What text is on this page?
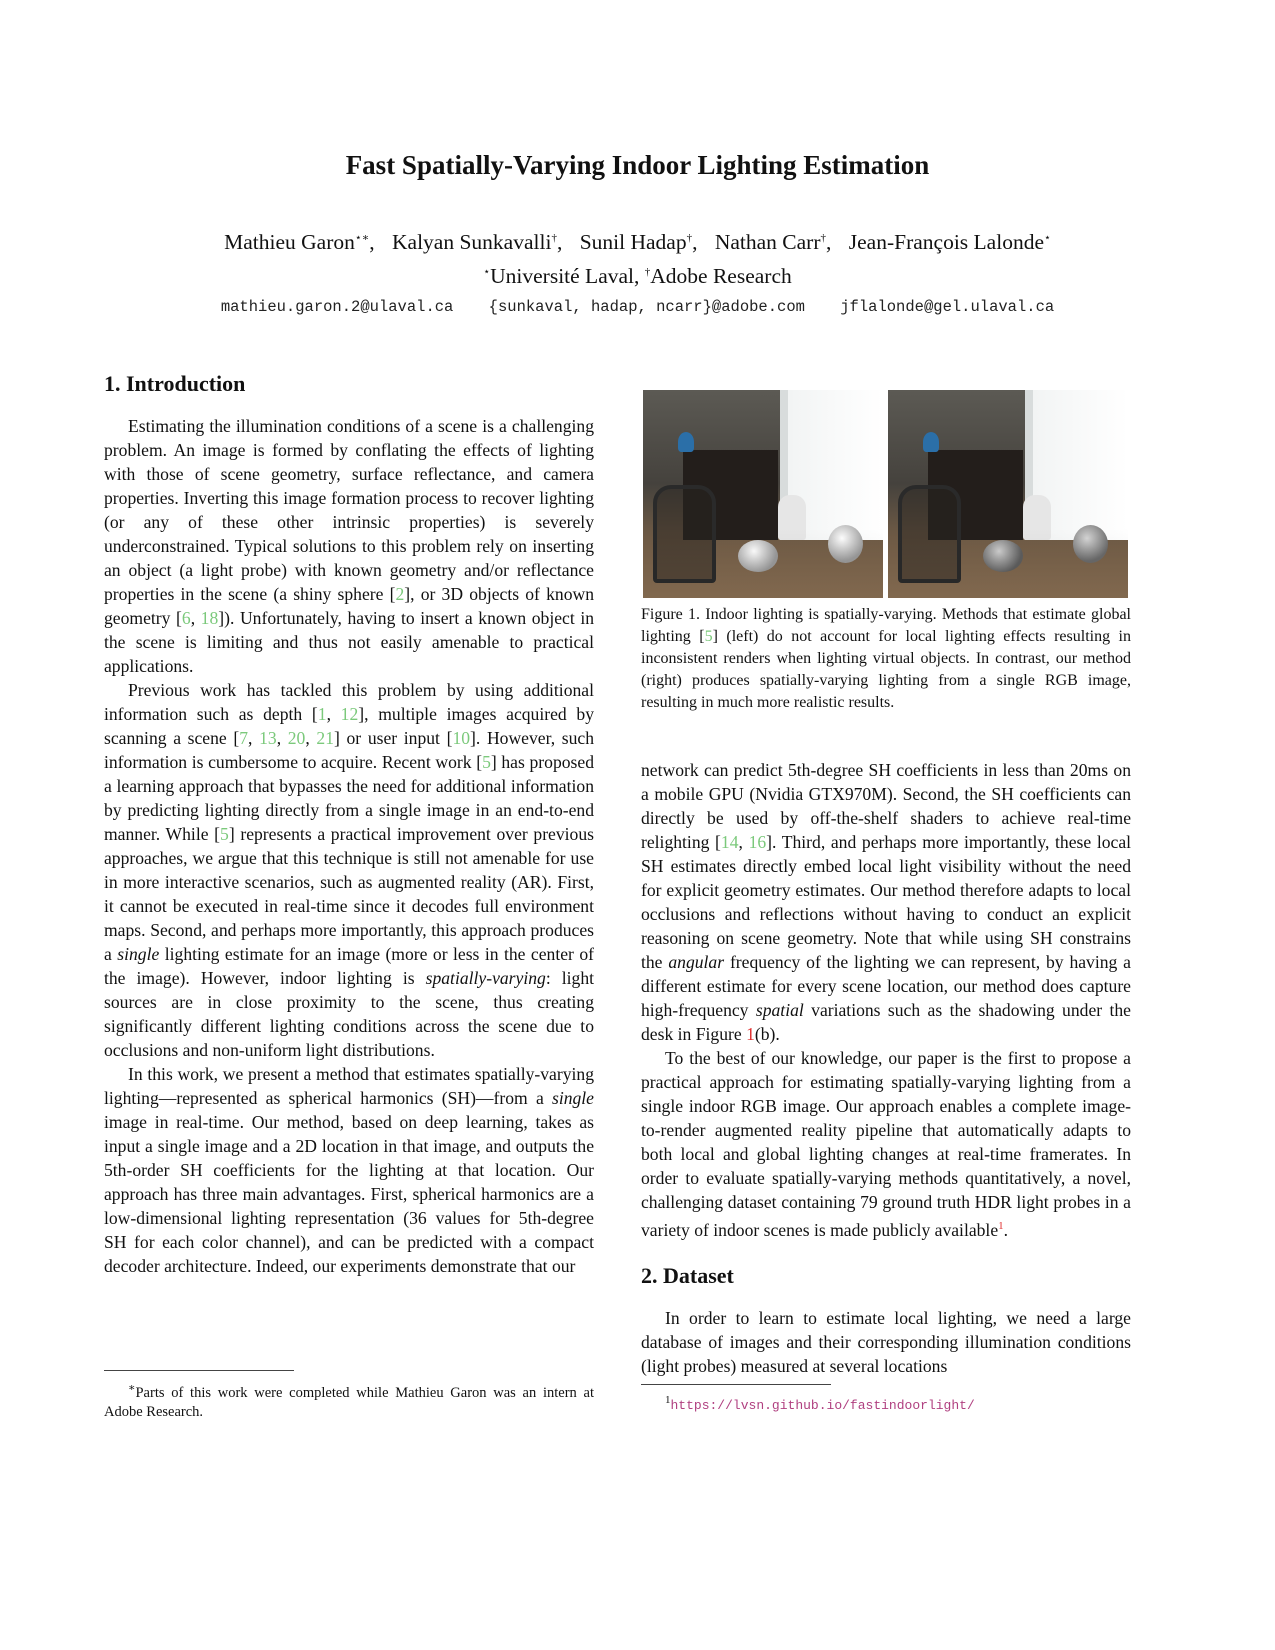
Fast Spatially-Varying Indoor Lighting Estimation
Mathieu Garon⋆∗, Kalyan Sunkavalli†, Sunil Hadap†, Nathan Carr†, Jean-François Lalonde⋆
⋆Université Laval, †Adobe Research
mathieu.garon.2@ulaval.ca {sunkaval, hadap, ncarr}@adobe.com jflalonde@gel.ulaval.ca
1. Introduction

Estimating the illumination conditions of a scene is a challenging problem. An image is formed by conflating the effects of lighting with those of scene geometry, surface reflectance, and camera properties. Inverting this image formation process to recover lighting (or any of these other intrinsic properties) is severely underconstrained. Typical solutions to this problem rely on inserting an object (a light probe) with known geometry and/or reflectance properties in the scene (a shiny sphere [2], or 3D objects of known geometry [6, 18]). Unfortunately, having to insert a known object in the scene is limiting and thus not easily amenable to practical applications.

Previous work has tackled this problem by using additional information such as depth [1, 12], multiple images acquired by scanning a scene [7, 13, 20, 21] or user input [10]. However, such information is cumbersome to acquire. Recent work [5] has proposed a learning approach that bypasses the need for additional information by predicting lighting directly from a single image in an end-to-end manner. While [5] represents a practical improvement over previous approaches, we argue that this technique is still not amenable for use in more interactive scenarios, such as augmented reality (AR). First, it cannot be executed in real-time since it decodes full environment maps. Second, and perhaps more importantly, this approach produces a single lighting estimate for an image (more or less in the center of the image). However, indoor lighting is spatially-varying: light sources are in close proximity to the scene, thus creating significantly different lighting conditions across the scene due to occlusions and non-uniform light distributions.

In this work, we present a method that estimates spatially-varying lighting—represented as spherical harmonics (SH)—from a single image in real-time. Our method, based on deep learning, takes as input a single image and a 2D location in that image, and outputs the 5th-order SH coefficients for the lighting at that location. Our approach has three main advantages. First, spherical harmonics are a low-dimensional lighting representation (36 values for 5th-degree SH for each color channel), and can be predicted with a compact decoder architecture. Indeed, our experiments demonstrate that our

∗Parts of this work were completed while Mathieu Garon was an intern at Adobe Research.

Figure 1. Indoor lighting is spatially-varying. Methods that estimate global lighting [5] (left) do not account for local lighting effects resulting in inconsistent renders when lighting virtual objects. In contrast, our method (right) produces spatially-varying lighting from a single RGB image, resulting in much more realistic results.

network can predict 5th-degree SH coefficients in less than 20ms on a mobile GPU (Nvidia GTX970M). Second, the SH coefficients can directly be used by off-the-shelf shaders to achieve real-time relighting [14, 16]. Third, and perhaps more importantly, these local SH estimates directly embed local light visibility without the need for explicit geometry estimates. Our method therefore adapts to local occlusions and reflections without having to conduct an explicit reasoning on scene geometry. Note that while using SH constrains the angular frequency of the lighting we can represent, by having a different estimate for every scene location, our method does capture high-frequency spatial variations such as the shadowing under the desk in Figure 1(b).

To the best of our knowledge, our paper is the first to propose a practical approach for estimating spatially-varying lighting from a single indoor RGB image. Our approach enables a complete image-to-render augmented reality pipeline that automatically adapts to both local and global lighting changes at real-time framerates. In order to evaluate spatially-varying methods quantitatively, a novel, challenging dataset containing 79 ground truth HDR light probes in a variety of indoor scenes is made publicly available$^1$.

2. Dataset

In order to learn to estimate local lighting, we need a large database of images and their corresponding illumination conditions (light probes) measured at several locations

$^1$https://lvsn.github.io/fastindoorlight/
